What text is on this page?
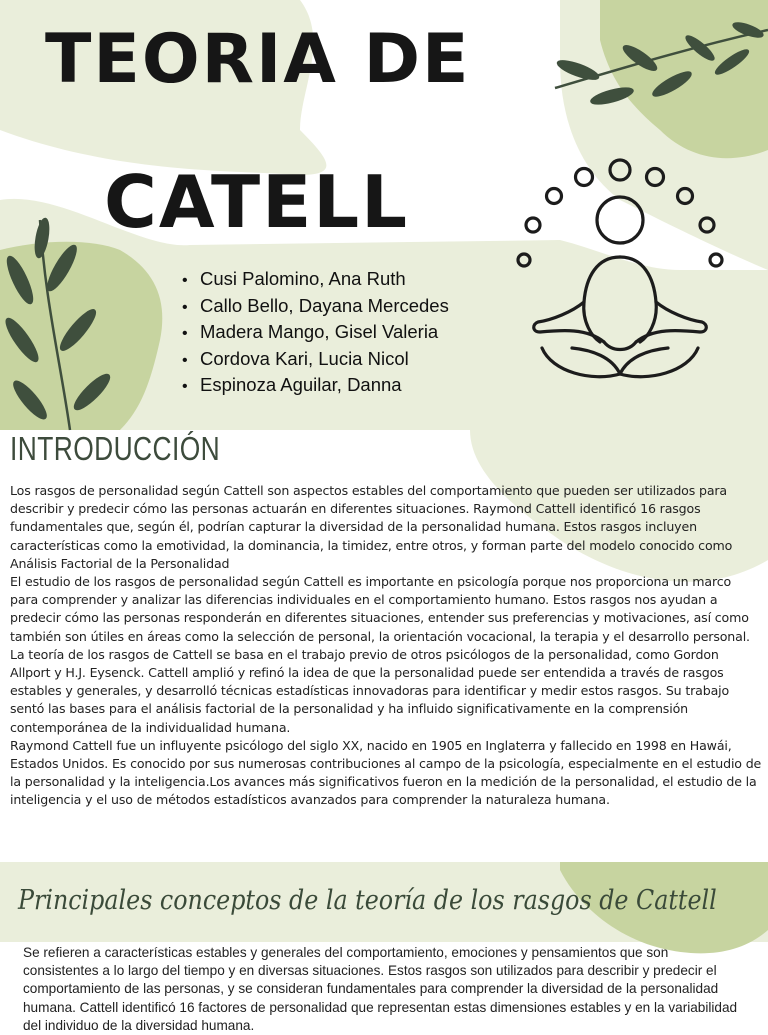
TEORIA DE
CATELL
• Cusi Palomino, Ana Ruth
• Callo Bello, Dayana Mercedes
• Madera Mango, Gisel Valeria
• Cordova Kari, Lucia Nicol
• Espinoza Aguilar, Danna
INTRODUCCIÓN

Los rasgos de personalidad según Cattell son aspectos estables del comportamiento que pueden ser utilizados para describir y predecir cómo las personas actuarán en diferentes situaciones. Raymond Cattell identificó 16 rasgos fundamentales que, según él, podrían capturar la diversidad de la personalidad humana. Estos rasgos incluyen características como la emotividad, la dominancia, la timidez, entre otros, y forman parte del modelo conocido como Análisis Factorial de la Personalidad

El estudio de los rasgos de personalidad según Cattell es importante en psicología porque nos proporciona un marco para comprender y analizar las diferencias individuales en el comportamiento humano. Estos rasgos nos ayudan a predecir cómo las personas responderán en diferentes situaciones, entender sus preferencias y motivaciones, así como también son útiles en áreas como la selección de personal, la orientación vocacional, la terapia y el desarrollo personal.

La teoría de los rasgos de Cattell se basa en el trabajo previo de otros psicólogos de la personalidad, como Gordon Allport y H.J. Eysenck. Cattell amplió y refinó la idea de que la personalidad puede ser entendida a través de rasgos estables y generales, y desarrolló técnicas estadísticas innovadoras para identificar y medir estos rasgos. Su trabajo sentó las bases para el análisis factorial de la personalidad y ha influido significativamente en la comprensión contemporánea de la individualidad humana.

Raymond Cattell fue un influyente psicólogo del siglo XX, nacido en 1905 en Inglaterra y fallecido en 1998 en Hawái, Estados Unidos. Es conocido por sus numerosas contribuciones al campo de la psicología, especialmente en el estudio de la personalidad y la inteligencia.Los avances más significativos fueron en la medición de la personalidad, el estudio de la inteligencia y el uso de métodos estadísticos avanzados para comprender la naturaleza humana.

Principales conceptos de la teoría de los rasgos de Cattell

Se refieren a características estables y generales del comportamiento, emociones y pensamientos que son consistentes a lo largo del tiempo y en diversas situaciones. Estos rasgos son utilizados para describir y predecir el comportamiento de las personas, y se consideran fundamentales para comprender la diversidad de la personalidad humana. Cattell identificó 16 factores de personalidad que representan estas dimensiones estables y en la variabilidad del individuo de la diversidad humana.
